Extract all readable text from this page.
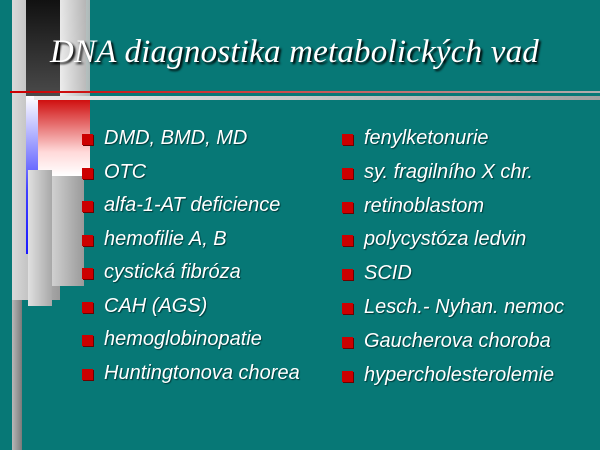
DNA diagnostika metabolických vad
DMD, BMD, MD
OTC
alfa-1-AT deficience
hemofilie A, B
cystická fibróza
CAH (AGS)
hemoglobinopatie
Huntingtonova chorea
fenylketonurie
sy. fragilního X chr.
retinoblastom
polycystóza ledvin
SCID
Lesch.- Nyhan. nemoc
Gaucherova choroba
hypercholesterolemie
